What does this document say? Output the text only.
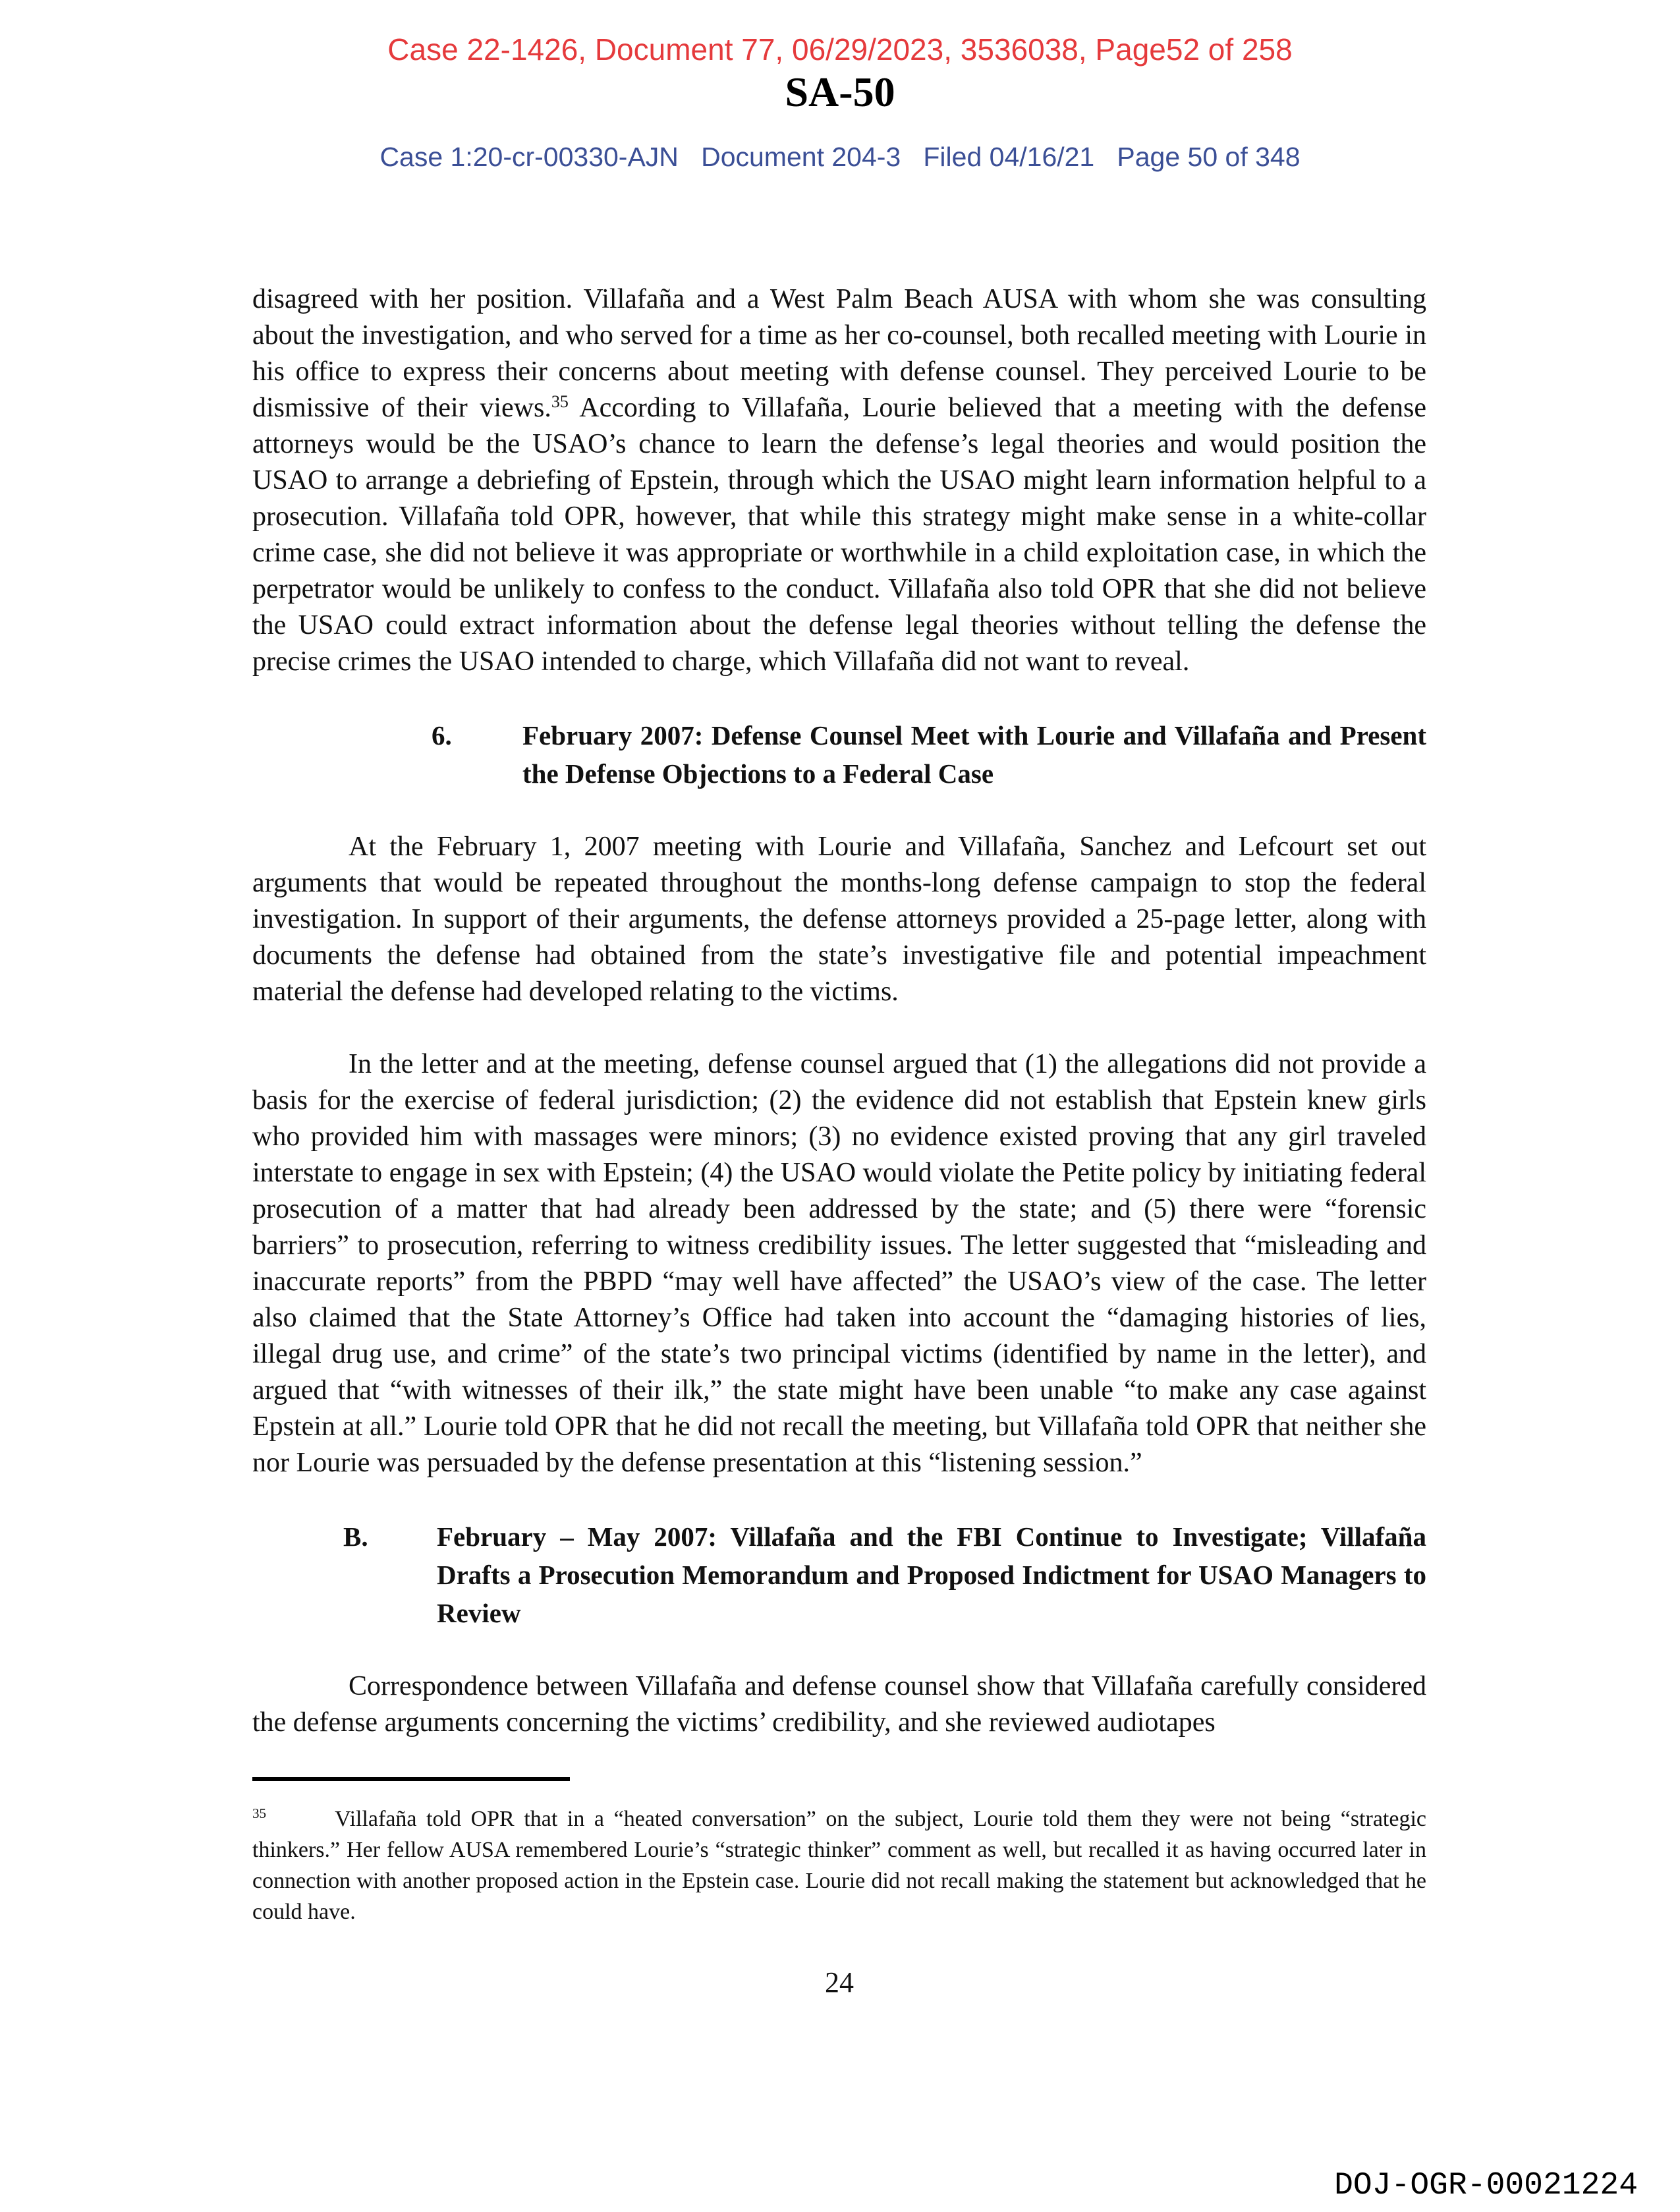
Case 22-1426, Document 77, 06/29/2023, 3536038, Page52 of 258
SA-50
Case 1:20-cr-00330-AJN   Document 204-3   Filed 04/16/21   Page 50 of 348

disagreed with her position. Villafaña and a West Palm Beach AUSA with whom she was consulting about the investigation, and who served for a time as her co-counsel, both recalled meeting with Lourie in his office to express their concerns about meeting with defense counsel. They perceived Lourie to be dismissive of their views.$^{35}$ According to Villafaña, Lourie believed that a meeting with the defense attorneys would be the USAO’s chance to learn the defense’s legal theories and would position the USAO to arrange a debriefing of Epstein, through which the USAO might learn information helpful to a prosecution. Villafaña told OPR, however, that while this strategy might make sense in a white-collar crime case, she did not believe it was appropriate or worthwhile in a child exploitation case, in which the perpetrator would be unlikely to confess to the conduct. Villafaña also told OPR that she did not believe the USAO could extract information about the defense legal theories without telling the defense the precise crimes the USAO intended to charge, which Villafaña did not want to reveal.

6.	February 2007: Defense Counsel Meet with Lourie and Villafaña and Present the Defense Objections to a Federal Case

At the February 1, 2007 meeting with Lourie and Villafaña, Sanchez and Lefcourt set out arguments that would be repeated throughout the months-long defense campaign to stop the federal investigation. In support of their arguments, the defense attorneys provided a 25-page letter, along with documents the defense had obtained from the state’s investigative file and potential impeachment material the defense had developed relating to the victims.

In the letter and at the meeting, defense counsel argued that (1) the allegations did not provide a basis for the exercise of federal jurisdiction; (2) the evidence did not establish that Epstein knew girls who provided him with massages were minors; (3) no evidence existed proving that any girl traveled interstate to engage in sex with Epstein; (4) the USAO would violate the Petite policy by initiating federal prosecution of a matter that had already been addressed by the state; and (5) there were “forensic barriers” to prosecution, referring to witness credibility issues. The letter suggested that “misleading and inaccurate reports” from the PBPD “may well have affected” the USAO’s view of the case. The letter also claimed that the State Attorney’s Office had taken into account the “damaging histories of lies, illegal drug use, and crime” of the state’s two principal victims (identified by name in the letter), and argued that “with witnesses of their ilk,” the state might have been unable “to make any case against Epstein at all.” Lourie told OPR that he did not recall the meeting, but Villafaña told OPR that neither she nor Lourie was persuaded by the defense presentation at this “listening session.”

B.	February – May 2007: Villafaña and the FBI Continue to Investigate; Villafaña Drafts a Prosecution Memorandum and Proposed Indictment for USAO Managers to Review

Correspondence between Villafaña and defense counsel show that Villafaña carefully considered the defense arguments concerning the victims’ credibility, and she reviewed audiotapes

$^{35}$	Villafaña told OPR that in a “heated conversation” on the subject, Lourie told them they were not being “strategic thinkers.” Her fellow AUSA remembered Lourie’s “strategic thinker” comment as well, but recalled it as having occurred later in connection with another proposed action in the Epstein case. Lourie did not recall making the statement but acknowledged that he could have.
24
DOJ-OGR-00021224
